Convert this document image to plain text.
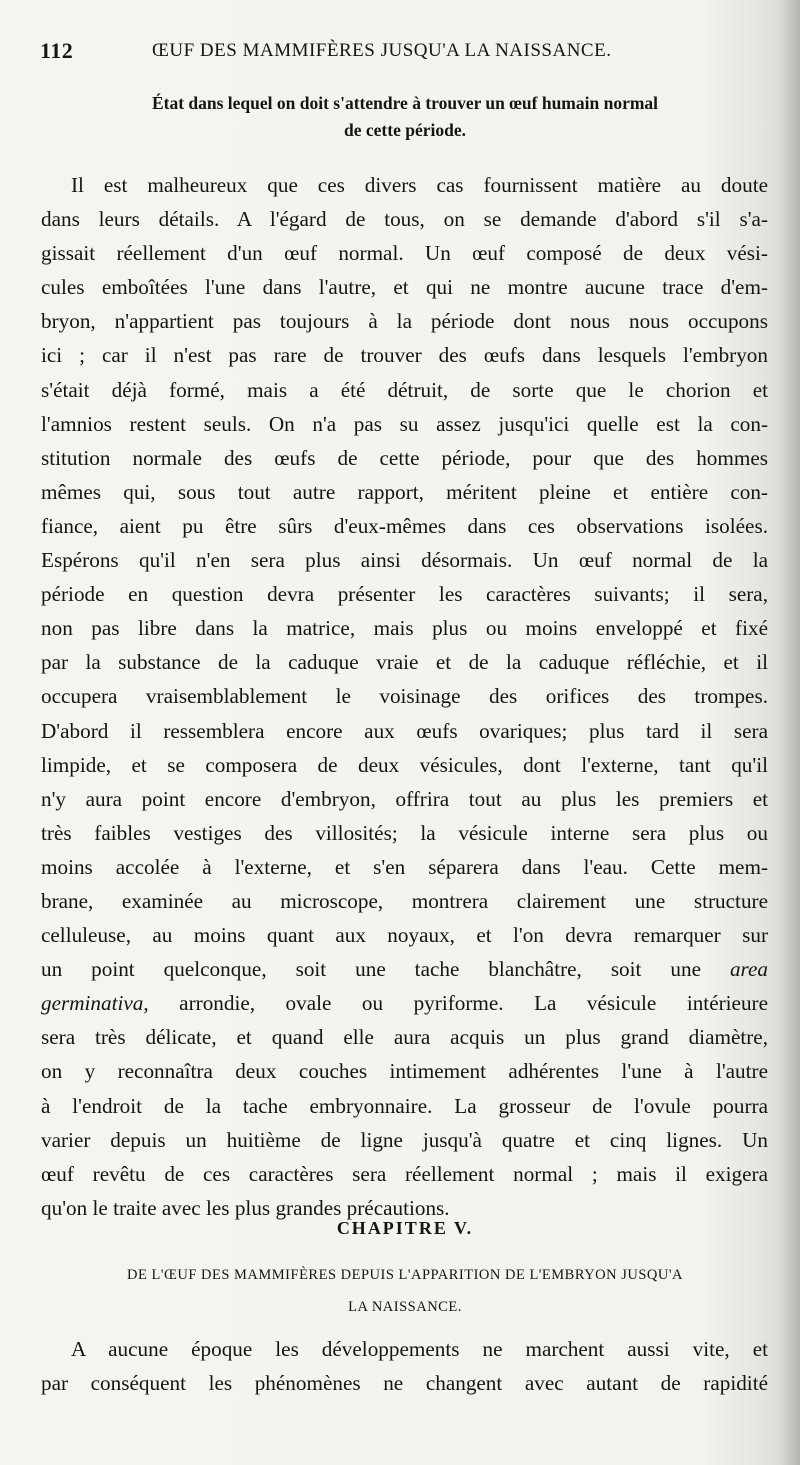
112	ŒUF DES MAMMIFÈRES JUSQU'A LA NAISSANCE.
État dans lequel on doit s'attendre à trouver un œuf humain normal
de cette période.
Il est malheureux que ces divers cas fournissent matière au doute
dans leurs détails. A l'égard de tous, on se demande d'abord s'il s'a-
gissait réellement d'un œuf normal. Un œuf composé de deux vési-
cules emboîtées l'une dans l'autre, et qui ne montre aucune trace d'em-
bryon, n'appartient pas toujours à la période dont nous nous occupons
ici ; car il n'est pas rare de trouver des œufs dans lesquels l'embryon
s'était déjà formé, mais a été détruit, de sorte que le chorion et
l'amnios restent seuls. On n'a pas su assez jusqu'ici quelle est la con-
stitution normale des œufs de cette période, pour que des hommes
mêmes qui, sous tout autre rapport, méritent pleine et entière con-
fiance, aient pu être sûrs d'eux-mêmes dans ces observations isolées.
Espérons qu'il n'en sera plus ainsi désormais. Un œuf normal de la
période en question devra présenter les caractères suivants; il sera,
non pas libre dans la matrice, mais plus ou moins enveloppé et fixé
par la substance de la caduque vraie et de la caduque réfléchie, et il
occupera vraisemblablement le voisinage des orifices des trompes.
D'abord il ressemblera encore aux œufs ovariques; plus tard il sera
limpide, et se composera de deux vésicules, dont l'externe, tant qu'il
n'y aura point encore d'embryon, offrira tout au plus les premiers et
très faibles vestiges des villosités; la vésicule interne sera plus ou
moins accolée à l'externe, et s'en séparera dans l'eau. Cette mem-
brane, examinée au microscope, montrera clairement une structure
celluleuse, au moins quant aux noyaux, et l'on devra remarquer sur
un point quelconque, soit une tache blanchâtre, soit une area
germinativa, arrondie, ovale ou pyriforme. La vésicule intérieure
sera très délicate, et quand elle aura acquis un plus grand diamètre,
on y reconnaîtra deux couches intimement adhérentes l'une à l'autre
à l'endroit de la tache embryonnaire. La grosseur de l'ovule pourra
varier depuis un huitième de ligne jusqu'à quatre et cinq lignes. Un
œuf revêtu de ces caractères sera réellement normal ; mais il exigera
qu'on le traite avec les plus grandes précautions.
CHAPITRE V.
DE L'ŒUF DES MAMMIFÈRES DEPUIS L'APPARITION DE L'EMBRYON JUSQU'A
LA NAISSANCE.
A aucune époque les développements ne marchent aussi vite, et
par conséquent les phénomènes ne changent avec autant de rapidité
